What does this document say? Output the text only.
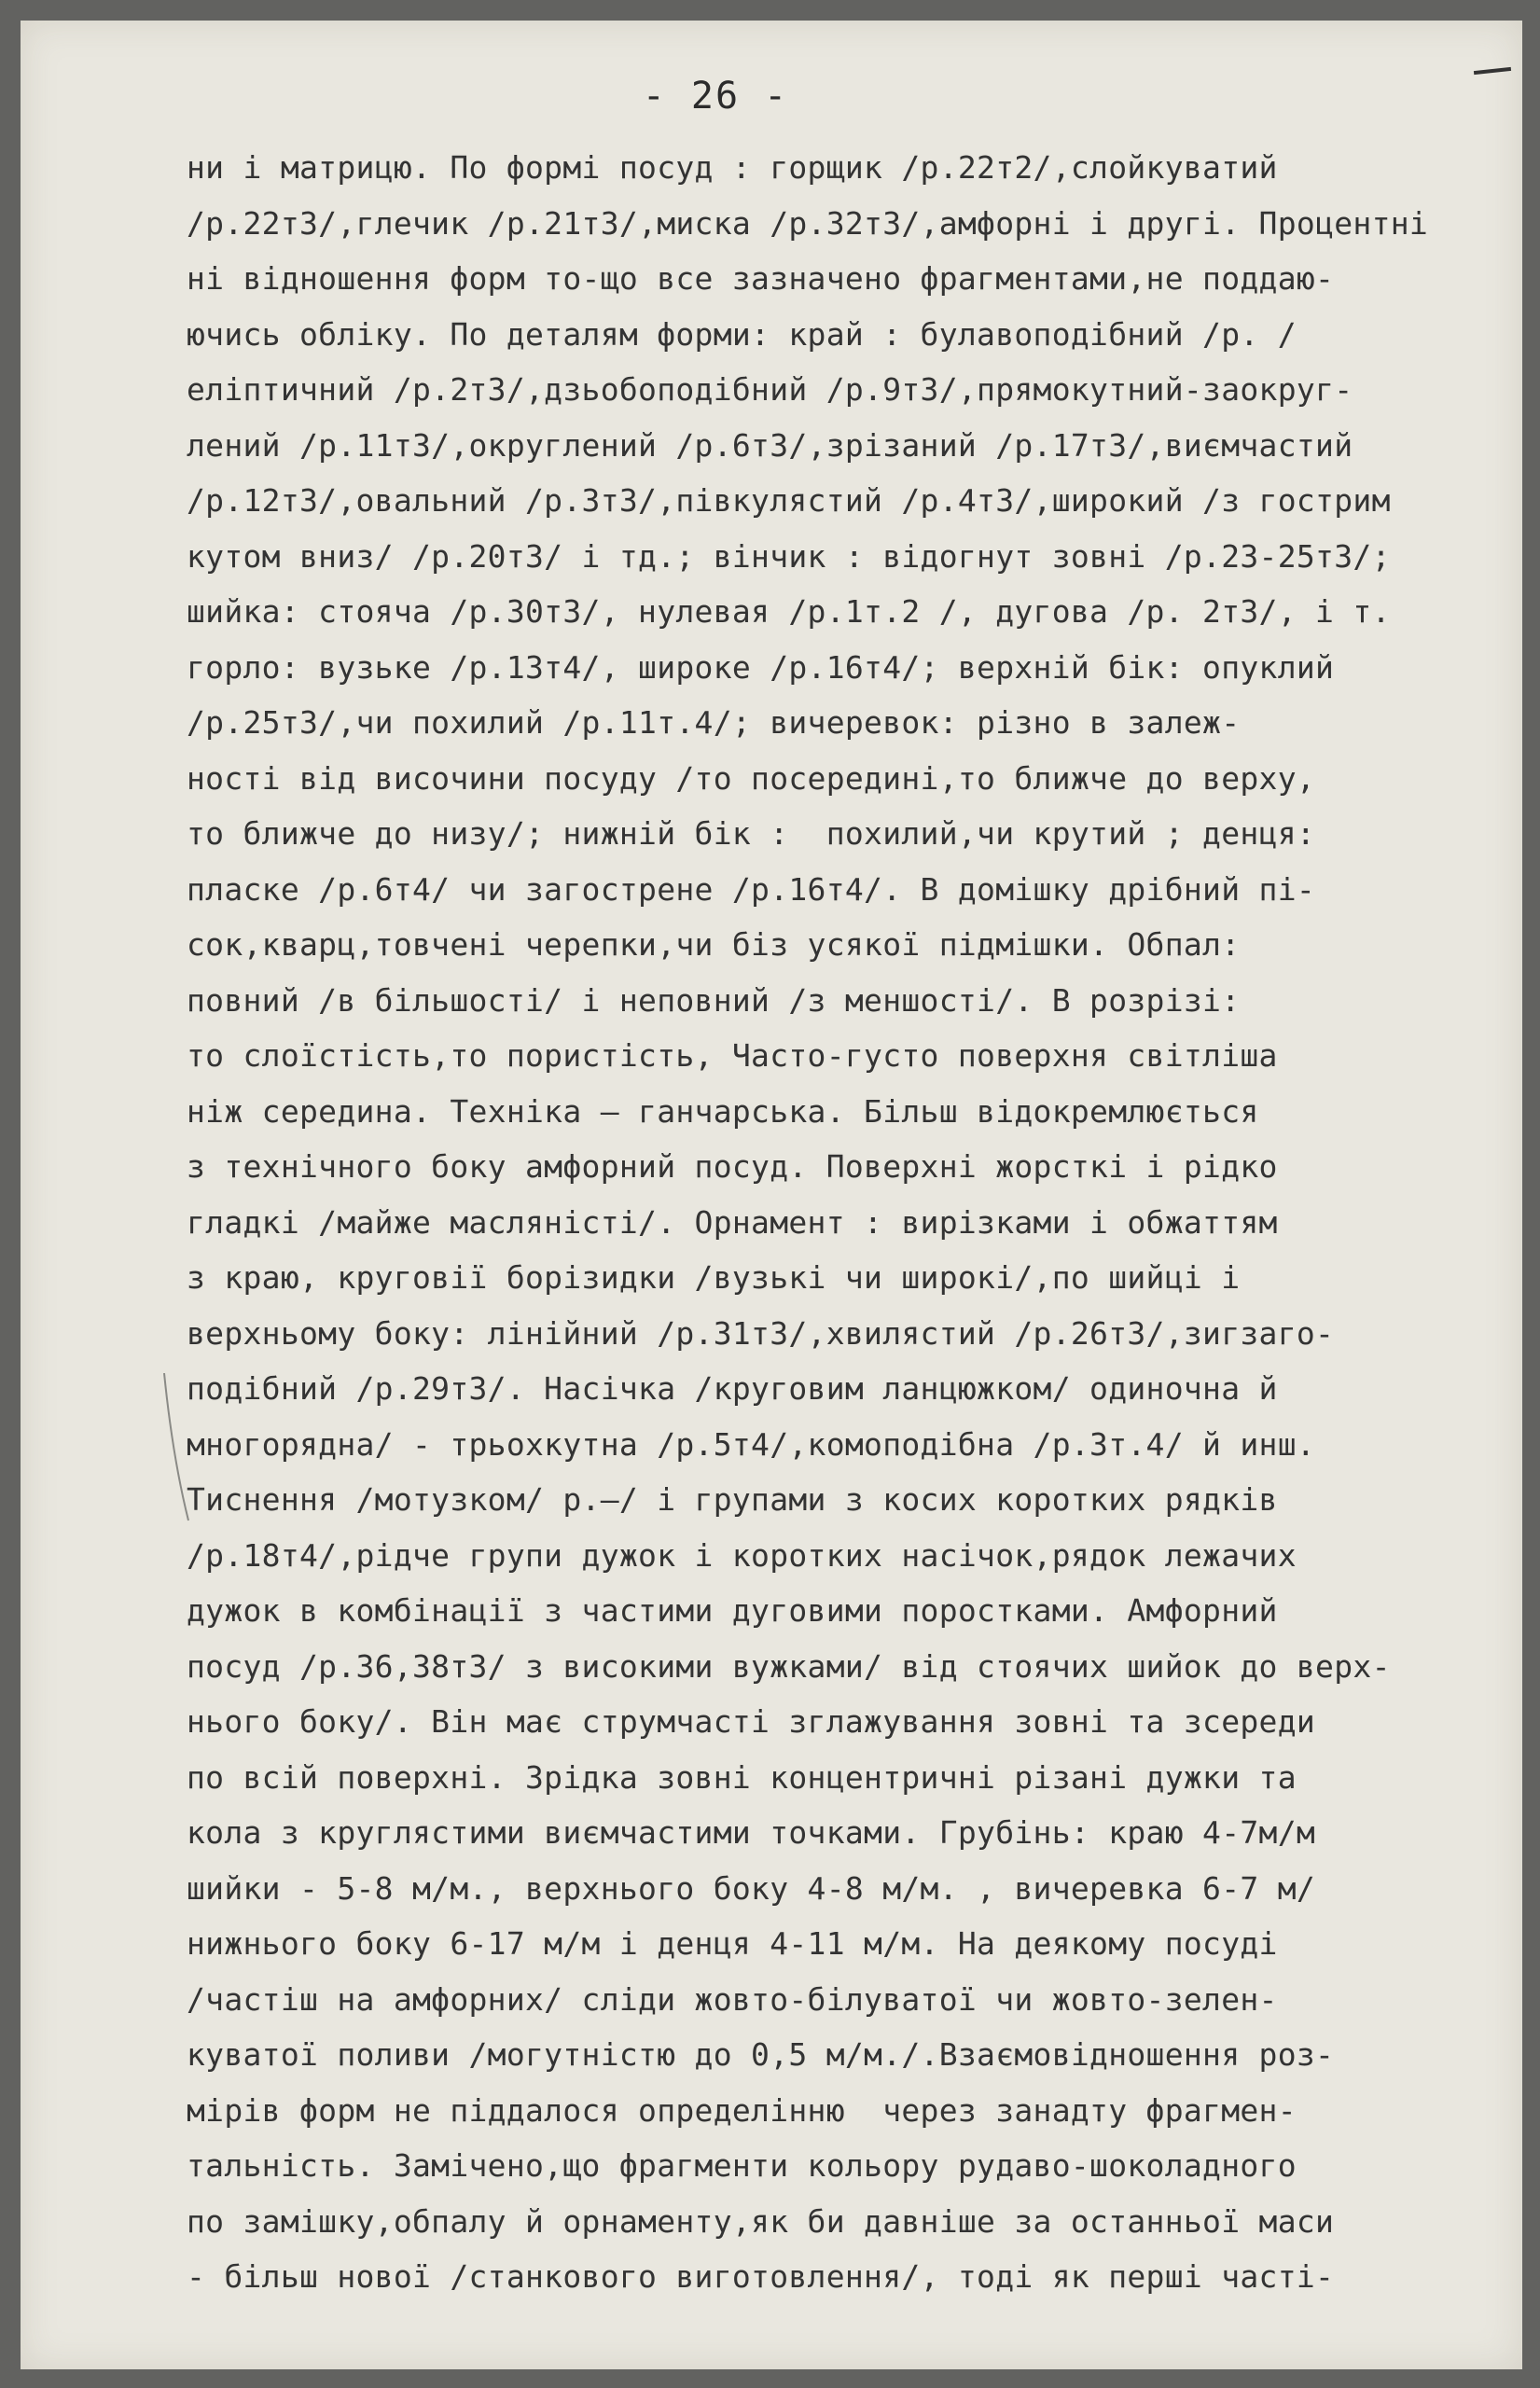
- 26 -
ни і матрицю. По формі посуд : горщик /р.22т2/,слойкуватий
/р.22т3/,глечик /р.21т3/,миска /р.32т3/,амфорні і другі. Процентні
ні відношення форм то-що все зазначено фрагментами,не поддаю-
ючись обліку. По деталям форми: край : булавоподібний /р. /
еліптичний /р.2т3/,дзьобоподібний /р.9т3/,прямокутний-заокруг-
лений /р.11т3/,округлений /р.6т3/,зрізаний /р.17т3/,виємчастий
/р.12т3/,овальний /р.3т3/,півкулястий /р.4т3/,широкий /з гострим
кутом вниз/ /р.20т3/ і тд.; вінчик : відогнут зовні /р.23-25т3/;
шийка: стояча /р.30т3/, нулевая /р.1т.2 /, дугова /р. 2т3/, і т.
горло: вузьке /р.13т4/, широке /р.16т4/; верхній бік: опуклий
/р.25т3/,чи похилий /р.11т.4/; вичеревок: різно в залеж-
ності від височини посуду /то посередині,то ближче до верху,
то ближче до низу/; нижній бік :  похилий,чи крутий ; денця:
пласке /р.6т4/ чи загострене /р.16т4/. В домішку дрібний пі-
сок,кварц,товчені черепки,чи біз усякої підмішки. Обпал:
повний /в більшості/ і неповний /з меншості/. В розрізі:
то слоїстість,то пористість, Часто-густо поверхня світліша
ніж середина. Техніка — ганчарська. Більш відокремлюється
з технічного боку амфорний посуд. Поверхні жорсткі і рідко
гладкі /майже масляністі/. Орнамент : вирізками і обжаттям
з краю, круговії борізидки /вузькі чи широкі/,по шийці і
верхньому боку: лінійний /р.31т3/,хвилястий /р.26т3/,зигзаго-
подібний /р.29т3/. Насічка /круговим ланцюжком/ одиночна й
многорядна/ - трьохкутна /р.5т4/,комоподібна /р.3т.4/ й инш.
Тиснення /мотузком/ р.—/ і групами з косих коротких рядків
/р.18т4/,рідче групи дужок і коротких насічок,рядок лежачих
дужок в комбінації з частими дуговими поростками. Амфорний
посуд /р.36,38т3/ з високими вужками/ від стоячих шийок до верх-
нього боку/. Він має струмчасті зглажування зовні та зсереди
по всій поверхні. Зрідка зовні концентричні різані дужки та
кола з круглястими виємчастими точками. Грубінь: краю 4-7м/м
шийки - 5-8 м/м., верхнього боку 4-8 м/м. , вичеревка 6-7 м/
нижнього боку 6-17 м/м і денця 4-11 м/м. На деякому посуді
/частіш на амфорних/ сліди жовто-білуватої чи жовто-зелен-
куватої поливи /могутністю до 0,5 м/м./.Взаємовідношення роз-
мірів форм не піддалося определінню  через занадту фрагмен-
тальність. Замічено,що фрагменти кольору рудаво-шоколадного
по замішку,обпалу й орнаменту,як би давніше за останньої маси
- більш нової /станкового виготовлення/, тоді як перші часті-
